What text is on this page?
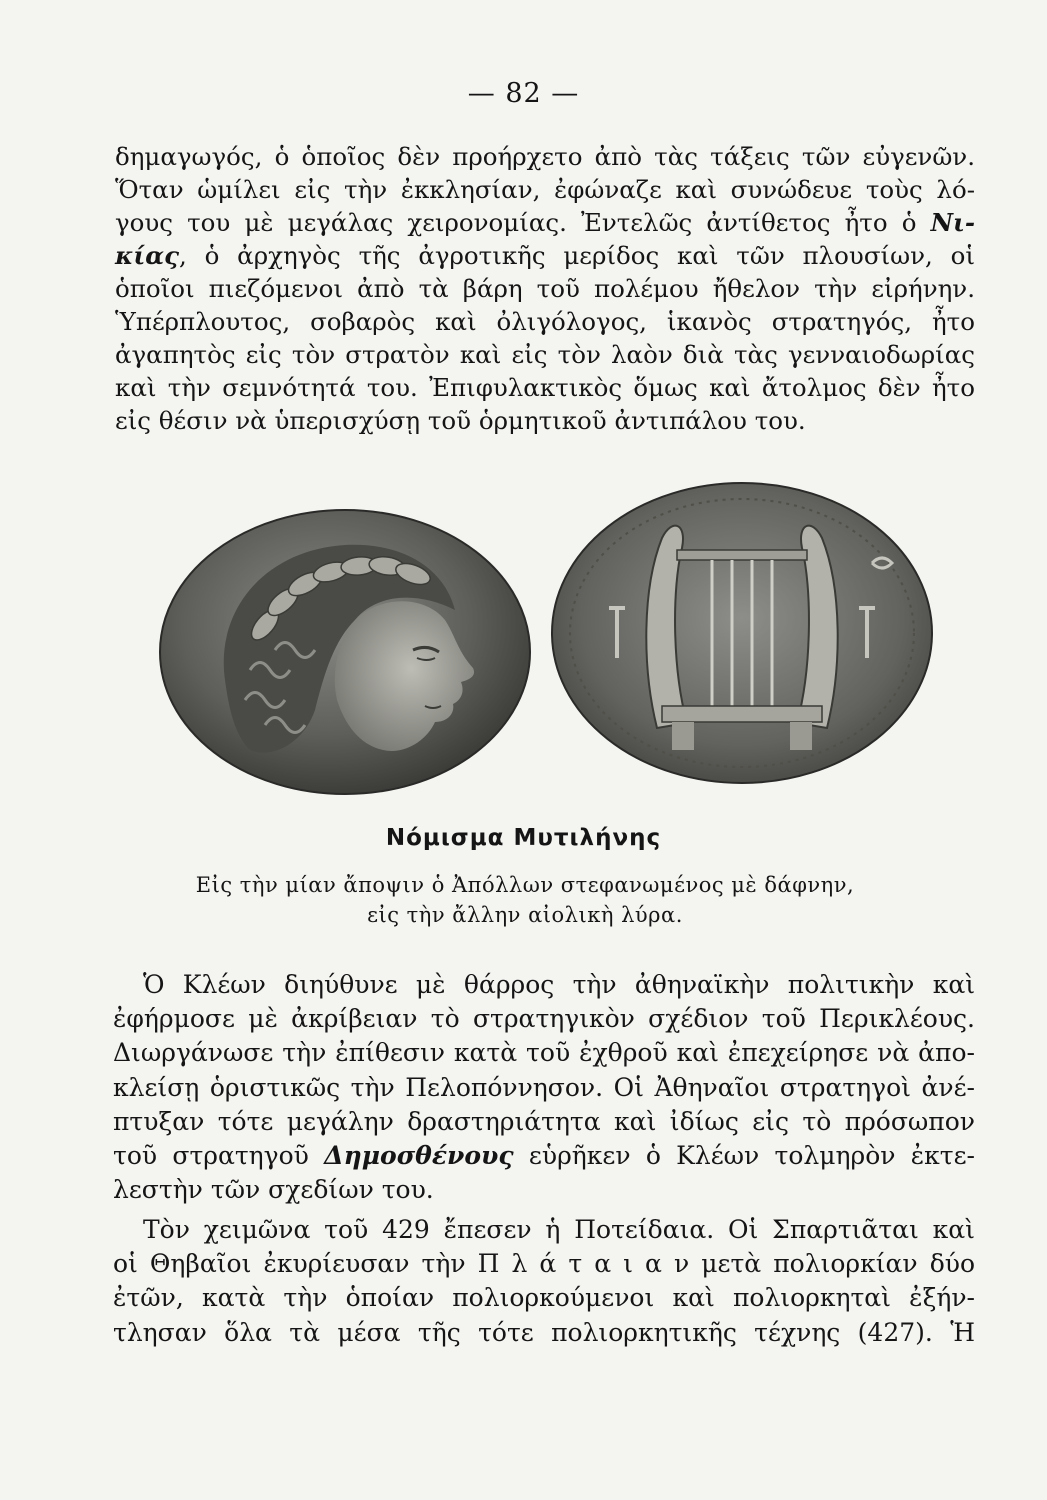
— 82 —

δημαγωγός, ὁ ὁποῖος δὲν προήρχετο ἀπὸ τὰς τάξεις τῶν εὐγενῶν.
Ὅταν ὡμίλει εἰς τὴν ἐκκλησίαν, ἐφώναζε καὶ συνώδευε τοὺς λό-
γους του μὲ μεγάλας χειρονομίας. Ἐντελῶς ἀντίθετος ἦτο ὁ Νι-
κίας, ὁ ἀρχηγὸς τῆς ἀγροτικῆς μερίδος καὶ τῶν πλουσίων, οἱ
ὁποῖοι πιεζόμενοι ἀπὸ τὰ βάρη τοῦ πολέμου ἤθελον τὴν εἰρήνην.
Ὑπέρπλουτος, σοβαρὸς καὶ ὀλιγόλογος, ἱκανὸς στρατηγός, ἦτο
ἀγαπητὸς εἰς τὸν στρατὸν καὶ εἰς τὸν λαὸν διὰ τὰς γενναιοδωρίας
καὶ τὴν σεμνότητά του. Ἐπιφυλακτικὸς ὅμως καὶ ἄτολμος δὲν ἦτο
εἰς θέσιν νὰ ὑπερισχύσῃ τοῦ ὁρμητικοῦ ἀντιπάλου του.

Νόμισμα Μυτιλήνης
Εἰς τὴν μίαν ἄποψιν ὁ Ἀπόλλων στεφανωμένος μὲ δάφνην,
εἰς τὴν ἄλλην αἰολικὴ λύρα.

Ὁ Κλέων διηύθυνε μὲ θάρρος τὴν ἀθηναϊκὴν πολιτικὴν καὶ
ἐφήρμοσε μὲ ἀκρίβειαν τὸ στρατηγικὸν σχέδιον τοῦ Περικλέους.
Διωργάνωσε τὴν ἐπίθεσιν κατὰ τοῦ ἐχθροῦ καὶ ἐπεχείρησε νὰ ἀπο-
κλείσῃ ὁριστικῶς τὴν Πελοπόννησον. Οἱ Ἀθηναῖοι στρατηγοὶ ἀνέ-
πτυξαν τότε μεγάλην δραστηριάτητα καὶ ἰδίως εἰς τὸ πρόσωπον
τοῦ στρατηγοῦ Δημοσθένους εὑρῆκεν ὁ Κλέων τολμηρὸν ἐκτε-
λεστὴν τῶν σχεδίων του.

Τὸν χειμῶνα τοῦ 429 ἔπεσεν ἡ Ποτείδαια. Οἱ Σπαρτιᾶται καὶ
οἱ Θηβαῖοι ἐκυρίευσαν τὴν Π λ ά τ α ι α ν μετὰ πολιορκίαν δύο
ἐτῶν, κατὰ τὴν ὁποίαν πολιορκούμενοι καὶ πολιορκηταὶ ἐξήν-
τλησαν ὅλα τὰ μέσα τῆς τότε πολιορκητικῆς τέχνης (427). Ἡ
